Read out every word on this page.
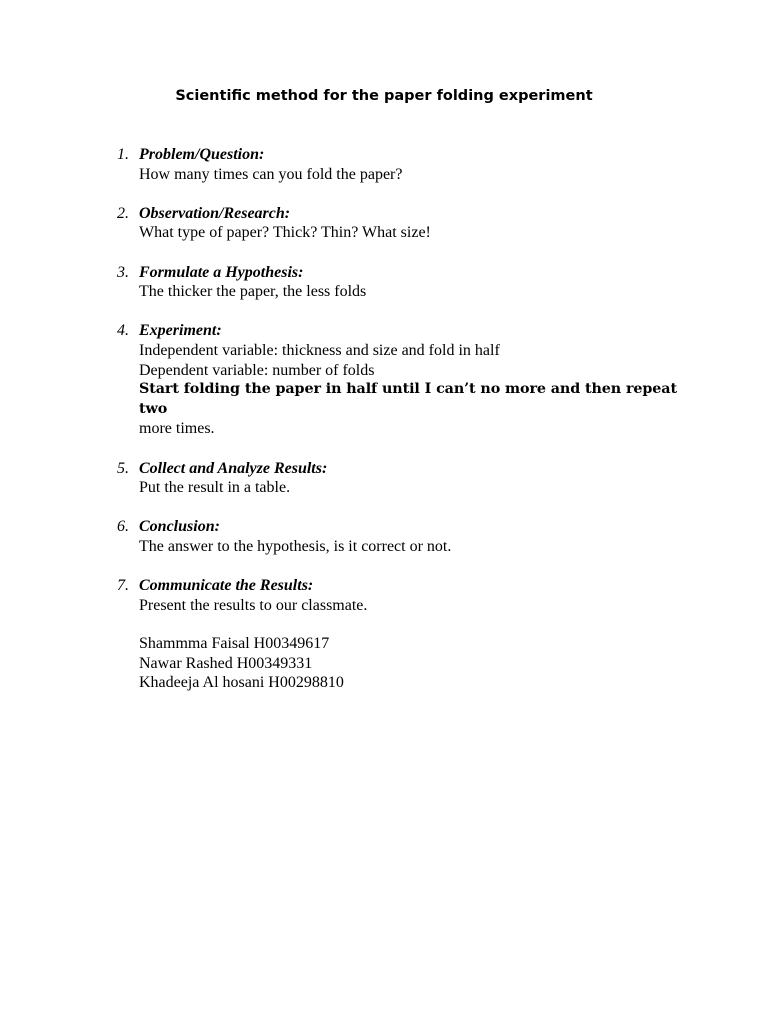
Scientific method for the paper folding experiment
1. Problem/Question:
How many times can you fold the paper?
2. Observation/Research:
What type of paper? Thick? Thin? What size!
3. Formulate a Hypothesis:
The thicker the paper, the less folds
4. Experiment:
Independent variable: thickness and size and fold in half
Dependent variable: number of folds
Start folding the paper in half until I can’t no more and then repeat two
more times.
5. Collect and Analyze Results:
Put the result in a table.
6. Conclusion:
The answer to the hypothesis, is it correct or not.
7. Communicate the Results:
Present the results to our classmate.
Shammma Faisal H00349617
Nawar Rashed H00349331
Khadeeja Al hosani H00298810
